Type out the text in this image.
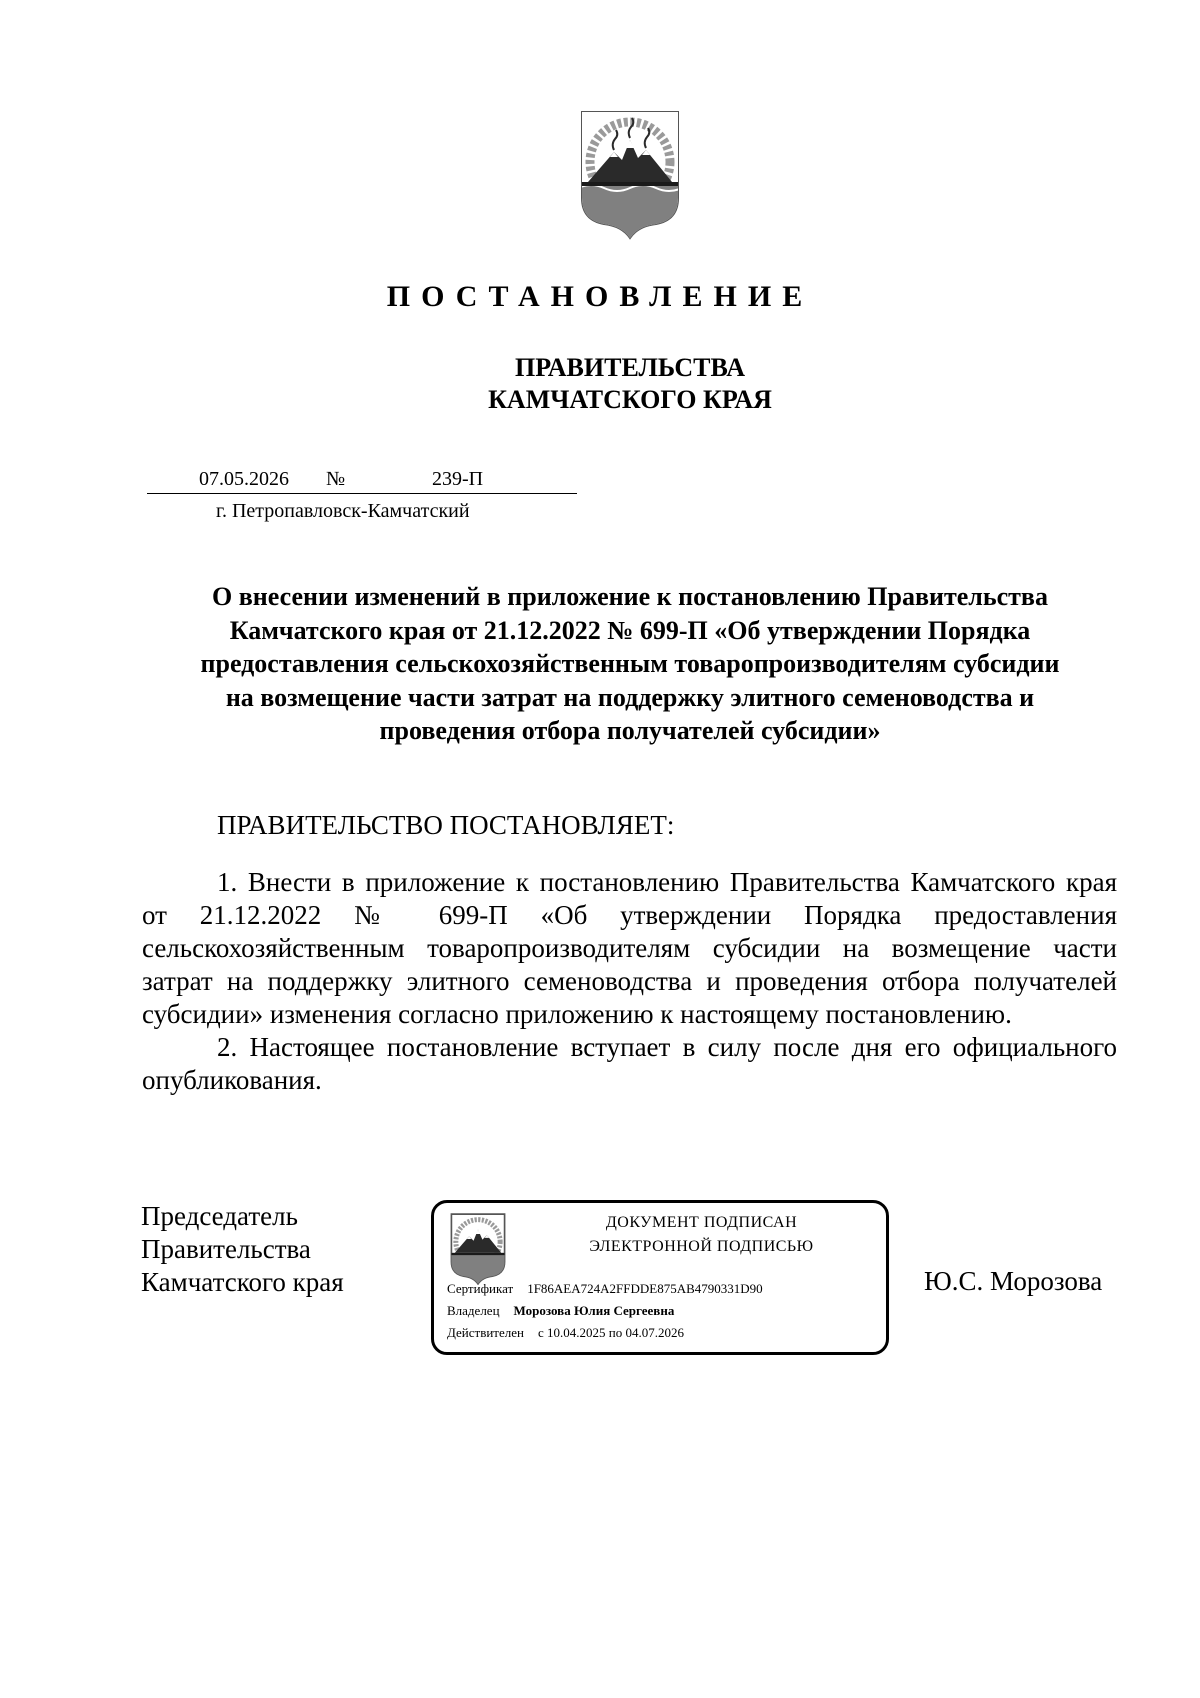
ПОСТАНОВЛЕНИЕ
ПРАВИТЕЛЬСТВА
КАМЧАТСКОГО КРАЯ
07.05.2026	№	239-П
г. Петропавловск-Камчатский
О внесении изменений в приложение к постановлению Правительства
Камчатского края от 21.12.2022 № 699-П «Об утверждении Порядка
предоставления сельскохозяйственным товаропроизводителям субсидии
на возмещение части затрат на поддержку элитного семеноводства и
проведения отбора получателей субсидии»
ПРАВИТЕЛЬСТВО ПОСТАНОВЛЯЕТ:
1. Внести в приложение к постановлению Правительства Камчатского края
от 21.12.2022 № 699-П «Об утверждении Порядка предоставления
сельскохозяйственным товаропроизводителям субсидии на возмещение части
затрат на поддержку элитного семеноводства и проведения отбора получателей
субсидии» изменения согласно приложению к настоящему постановлению.
2. Настоящее постановление вступает в силу после дня его официального
опубликования.
Председатель
Правительства
Камчатского края
ДОКУМЕНТ ПОДПИСАН
ЭЛЕКТРОННОЙ ПОДПИСЬЮ
Сертификат 1F86AEA724A2FFDDE875AB4790331D90
Владелец Морозова Юлия Сергеевна
Действителен с 10.04.2025 по 04.07.2026
Ю.С. Морозова
